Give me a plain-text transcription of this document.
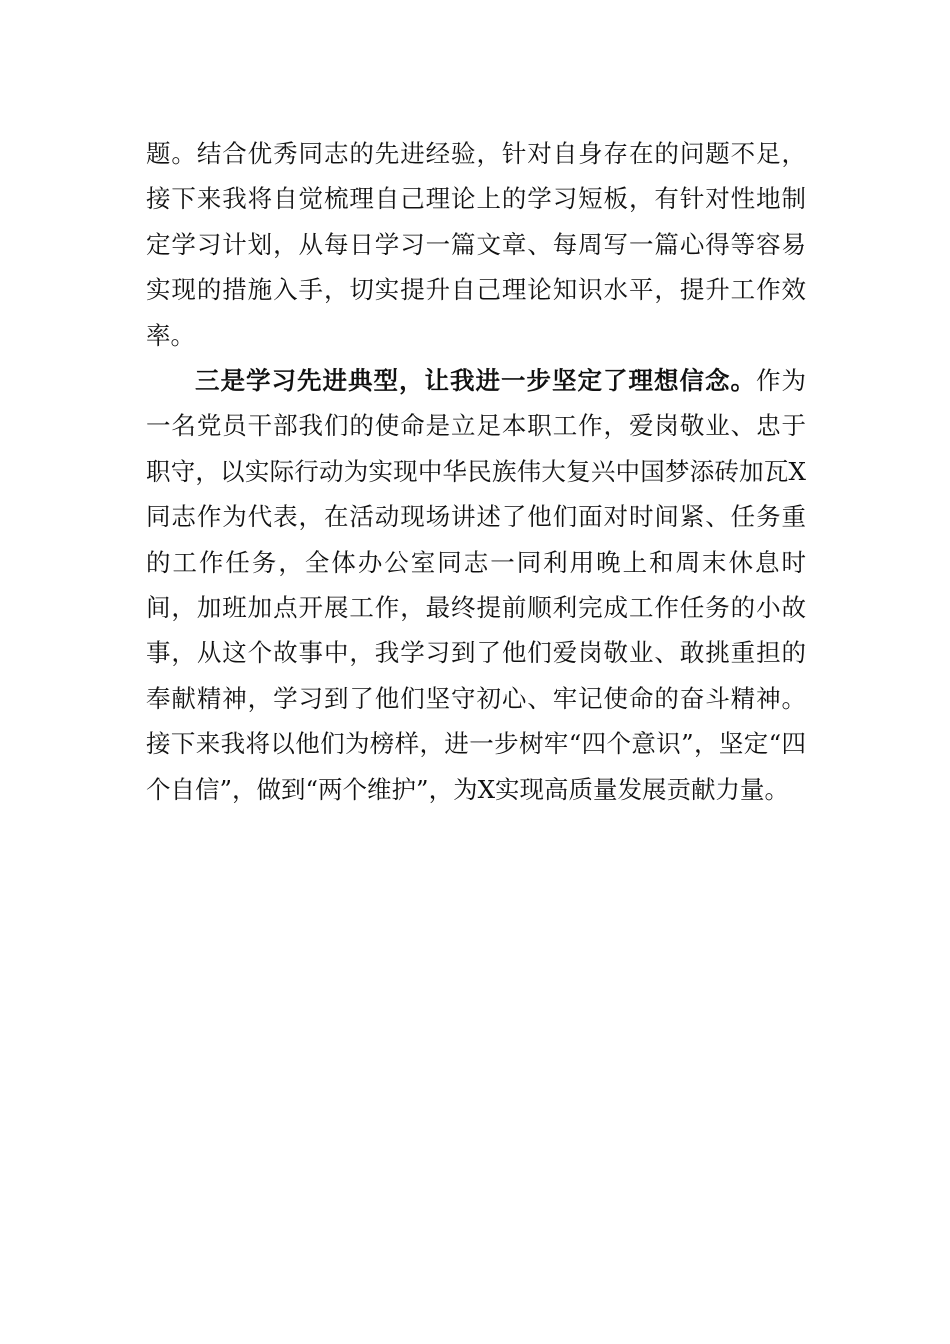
题。结合优秀同志的先进经验，针对自身存在的问题不足，接下来我将自觉梳理自己理论上的学习短板，有针对性地制定学习计划，从每日学习一篇文章、每周写一篇心得等容易实现的措施入手，切实提升自己理论知识水平，提升工作效率。

三是学习先进典型，让我进一步坚定了理想信念。作为一名党员干部我们的使命是立足本职工作，爱岗敬业、忠于职守，以实际行动为实现中华民族伟大复兴中国梦添砖加瓦X同志作为代表，在活动现场讲述了他们面对时间紧、任务重的工作任务，全体办公室同志一同利用晚上和周末休息时间，加班加点开展工作，最终提前顺利完成工作任务的小故事，从这个故事中，我学习到了他们爱岗敬业、敢挑重担的奉献精神，学习到了他们坚守初心、牢记使命的奋斗精神。接下来我将以他们为榜样，进一步树牢“四个意识”，坚定“四个自信”，做到“两个维护”，为X实现高质量发展贡献力量。
